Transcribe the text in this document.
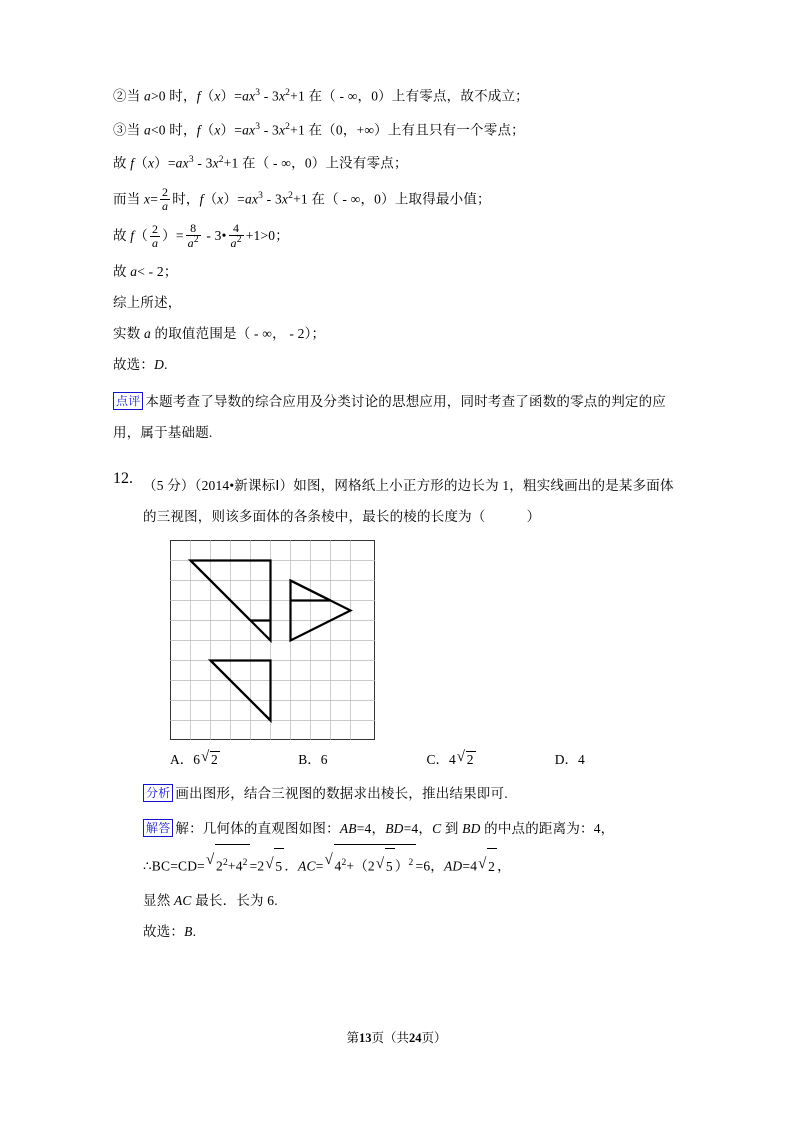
②当 a>0 时，$f(x)=ax^3 - 3x^2+1$ 在（ - ∞，0）上有零点，故不成立；
③当 a<0 时，$f(x)=ax^3 - 3x^2+1$ 在（0，+∞）上有且只有一个零点；
故 $f(x)=ax^3 - 3x^2+1$ 在（ - ∞，0）上没有零点；
而当 $x= \frac{2}{a}$ 时，$f(x)=ax^3 - 3x^2+1$ 在（ - ∞，0）上取得最小值；
故 $f( \frac{2}{a}$ ）= $\frac{8}{a^2}$ - 3• $\frac{4}{a^2} +1>0$；
故 a< - 2；
综上所述，
实数 a 的取值范围是（ - ∞， - 2）；
故选：D.
点评 本题考查了导数的综合应用及分类讨论的思想应用，同时考查了函数的零点的判定的应用，属于基础题.
12. （5 分）（2014•新课标Ⅰ）如图，网格纸上小正方形的边长为 1，粗实线画出的是某多面体的三视图，则该多面体的各条棱中，最长的棱的长度为（　　　）
A．6 √ 2	B．6	C．4 √ 2	D．4
分析 画出图形，结合三视图的数据求出棱长，推出结果即可.
解答 解：几何体的直观图如图：AB=4，BD=4，C 到 BD 的中点的距离为：4，
∴BC=CD= √ $2^2+4^2 =2$ √ 5 ．AC= √ $4^2+(2$ √ 5 ）$^2$ =6，AD=4 √ 2 ，
显然 AC 最长．长为 6.
故选：B.
第13页（共24页）
